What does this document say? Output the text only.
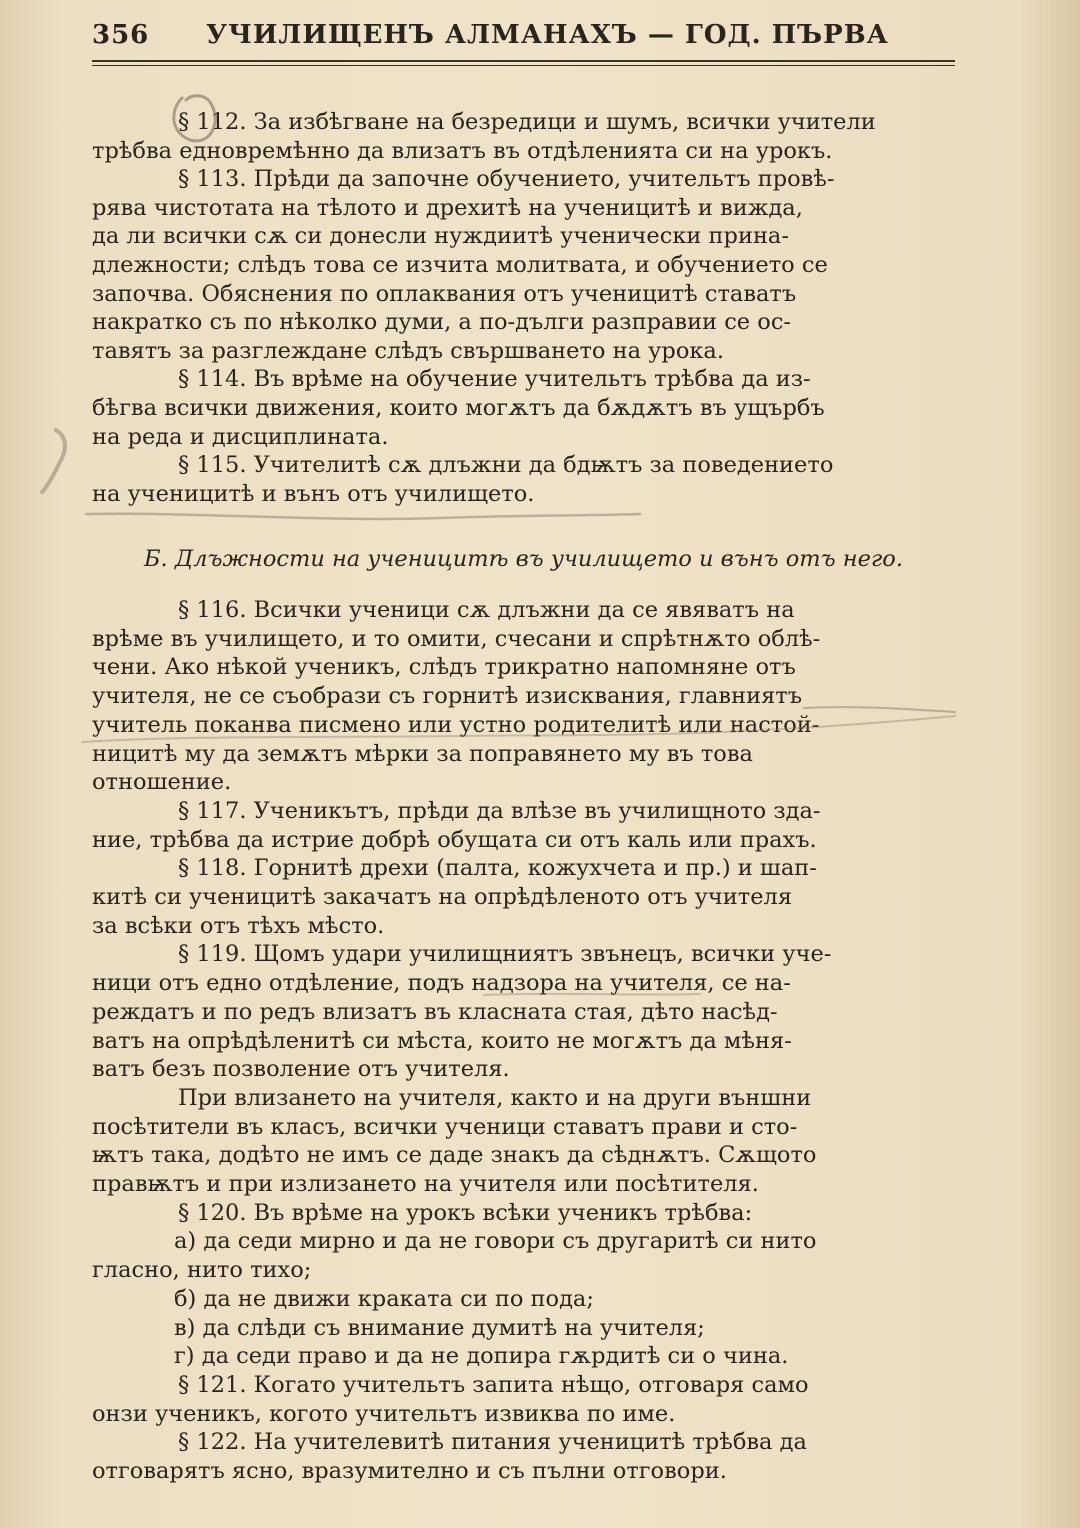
356 УЧИЛИЩЕНЪ АЛМАНАХЪ — ГОД. ПЪРВА
§ 112. За избѣгване на безредици и шумъ, всички учители
трѣбва едновремѣнно да влизатъ въ отдѣленията си на урокъ.
§ 113. Прѣди да започне обучението, учительтъ провѣ-
рява чистотата на тѣлото и дрехитѣ на ученицитѣ и вижда,
да ли всички сѫ си донесли нуждиитѣ ученически прина-
длежности; слѣдъ това се изчита молитвата, и обучението се
започва. Обяснения по оплаквания отъ ученицитѣ ставатъ
накратко съ по нѣколко думи, а по-дълги разправии се ос-
тавятъ за разглеждане слѣдъ свършването на урока.
§ 114. Въ врѣме на обучение учительтъ трѣбва да из-
бѣгва всички движения, които могѫтъ да бѫдѫтъ въ ущърбъ
на реда и дисциплината.
§ 115. Учителитѣ сѫ длъжни да бдѭтъ за поведението
на ученицитѣ и вънъ отъ училището.
Б. Длъжности на ученицитѣ въ училището и вънъ отъ него.
§ 116. Всички ученици сѫ длъжни да се явяватъ на
врѣме въ училището, и то омити, счесани и спрѣтнѫто облѣ-
чени. Ако нѣкой ученикъ, слѣдъ трикратно напомняне отъ
учителя, не се съобрази съ горнитѣ изисквания, главниятъ
учитель поканва писмено или устно родителитѣ или настой-
ницитѣ му да земѫтъ мѣрки за поправянето му въ това
отношение.
§ 117. Ученикътъ, прѣди да влѣзе въ училищното зда-
ние, трѣбва да истрие добрѣ обущата си отъ каль или прахъ.
§ 118. Горнитѣ дрехи (палта, кожухчета и пр.) и шап-
китѣ си ученицитѣ закачатъ на опрѣдѣленото отъ учителя
за всѣки отъ тѣхъ мѣсто.
§ 119. Щомъ удари училищниятъ звънецъ, всички уче-
ници отъ едно отдѣление, подъ надзора на учителя, се на-
реждатъ и по редъ влизатъ въ класната стая, дѣто насѣд-
ватъ на опрѣдѣленитѣ си мѣста, които не могѫтъ да мѣня-
ватъ безъ позволение отъ учителя.
При влизането на учителя, както и на други външни
посѣтители въ класъ, всички ученици ставатъ прави и сто-
ѭтъ така, додѣто не имъ се даде знакъ да сѣднѫтъ. Сѫщото
правѭтъ и при излизането на учителя или посѣтителя.
§ 120. Въ врѣме на урокъ всѣки ученикъ трѣбва:
а) да седи мирно и да не говори съ другаритѣ си нито
гласно, нито тихо;
б) да не движи краката си по пода;
в) да слѣди съ внимание думитѣ на учителя;
г) да седи право и да не допира гѫрдитѣ си о чина.
§ 121. Когато учительтъ запита нѣщо, отговаря само
онзи ученикъ, когото учительтъ извиква по име.
§ 122. На учителевитѣ питания ученицитѣ трѣбва да
отговарятъ ясно, вразумително и съ пълни отговори.
